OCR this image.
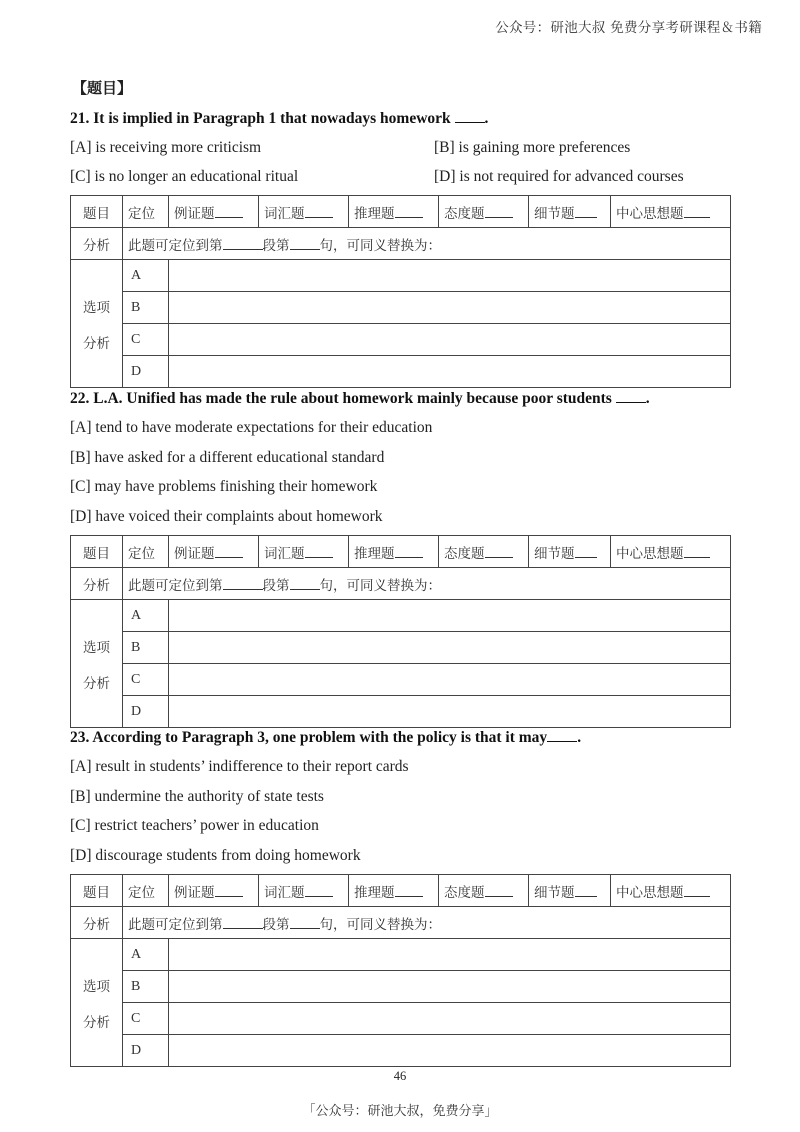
公众号：研池大叔 免费分享考研课程＆书籍
【题目】
21. It is implied in Paragraph 1 that nowadays homework .
[A] is receiving more criticism	[B] is gaining more preferences
[C] is no longer an educational ritual	[D] is not required for advanced courses
题目	定位	例证题	词汇题	推理题	态度题	细节题	中心思想题
分析	此题可定位到第 段第 句，可同义替换为：						
选项

分析	A						
	B						
	C						
	D						
22. L.A. Unified has made the rule about homework mainly because poor students .
[A] tend to have moderate expectations for their education
[B] have asked for a different educational standard
[C] may have problems finishing their homework
[D] have voiced their complaints about homework
题目	定位	例证题	词汇题	推理题	态度题	细节题	中心思想题
分析	此题可定位到第 段第 句，可同义替换为：						
选项

分析	A						
	B						
	C						
	D						
23. According to Paragraph 3, one problem with the policy is that it may .
[A] result in students’ indifference to their report cards
[B] undermine the authority of state tests
[C] restrict teachers’ power in education
[D] discourage students from doing homework
题目	定位	例证题	词汇题	推理题	态度题	细节题	中心思想题
分析	此题可定位到第 段第 句，可同义替换为：						
选项

分析	A						
	B						
	C						
	D						
46
「公众号：研池大叔，免费分享」
